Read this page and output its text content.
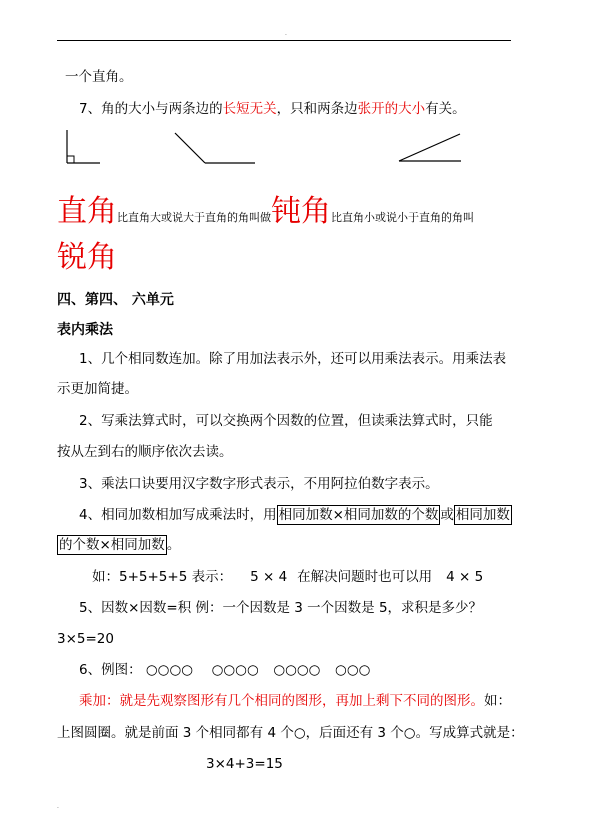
.
一个直角。
7、角的大小与两条边的长短无关，只和两条边张开的大小有关。
直角比直角大或说大于直角的角叫做钝角比直角小或说小于直角的角叫
锐角
四、第四、 六单元
表内乘法
1、几个相同数连加。除了用加法表示外，还可以用乘法表示。用乘法表
示更加简捷。
2、写乘法算式时，可以交换两个因数的位置，但读乘法算式时，只能
按从左到右的顺序依次去读。
3、乘法口诀要用汉字数字形式表示，不用阿拉伯数字表示。
4、相同加数相加写成乘法时，用 相同加数×相同加数的个数 或 相同加数
的个数×相同加数 。
如：5+5+5+5 表示： 5 × 4 在解决问题时也可以用 4 × 5
5、因数×因数=积 例：一个因数是 3 一个因数是 5，求积是多少？
3×5=20
6、例图： ○○○○ ○○○○ ○○○○ ○○○
乘加：就是先观察图形有几个相同的图形，再加上剩下不同的图形。如：
上图圆圈。就是前面 3 个相同都有 4 个○，后面还有 3 个○。写成算式就是：
3×4+3=15
.
